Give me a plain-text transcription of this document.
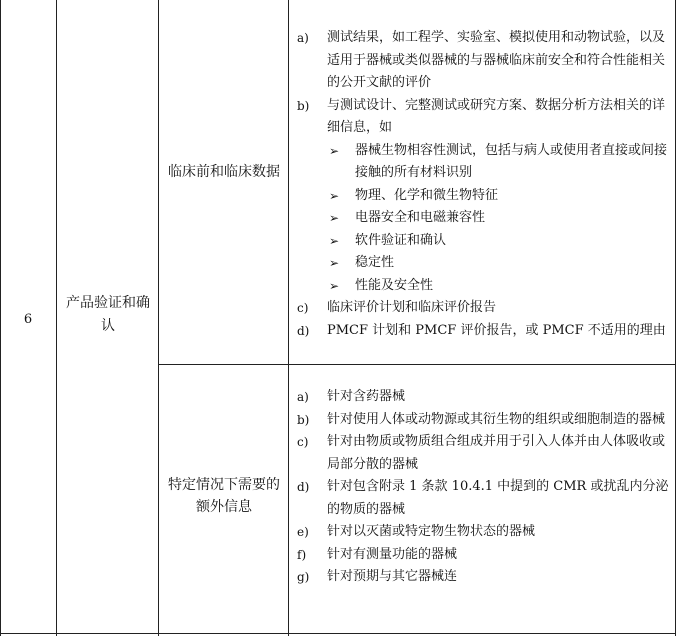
6
产品验证和确认
临床前和临床数据
特定情况下需要的额外信息
a) 测试结果，如工程学、实验室、模拟使用和动物试验，以及适用于器械或类似器械的与器械临床前安全和符合性能相关的公开文献的评价
b) 与测试设计、完整测试或研究方案、数据分析方法相关的详细信息，如
➢ 器械生物相容性测试，包括与病人或使用者直接或间接接触的所有材料识别
➢ 物理、化学和微生物特征
➢ 电器安全和电磁兼容性
➢ 软件验证和确认
➢ 稳定性
➢ 性能及安全性
c) 临床评价计划和临床评价报告
d) PMCF 计划和 PMCF 评价报告，或 PMCF 不适用的理由
a) 针对含药器械
b) 针对使用人体或动物源或其衍生物的组织或细胞制造的器械
c) 针对由物质或物质组合组成并用于引入人体并由人体吸收或局部分散的器械
d) 针对包含附录 1 条款 10.4.1 中提到的 CMR 或扰乱内分泌的物质的器械
e) 针对以灭菌或特定物生物状态的器械
f) 针对有测量功能的器械
g) 针对预期与其它器械连
